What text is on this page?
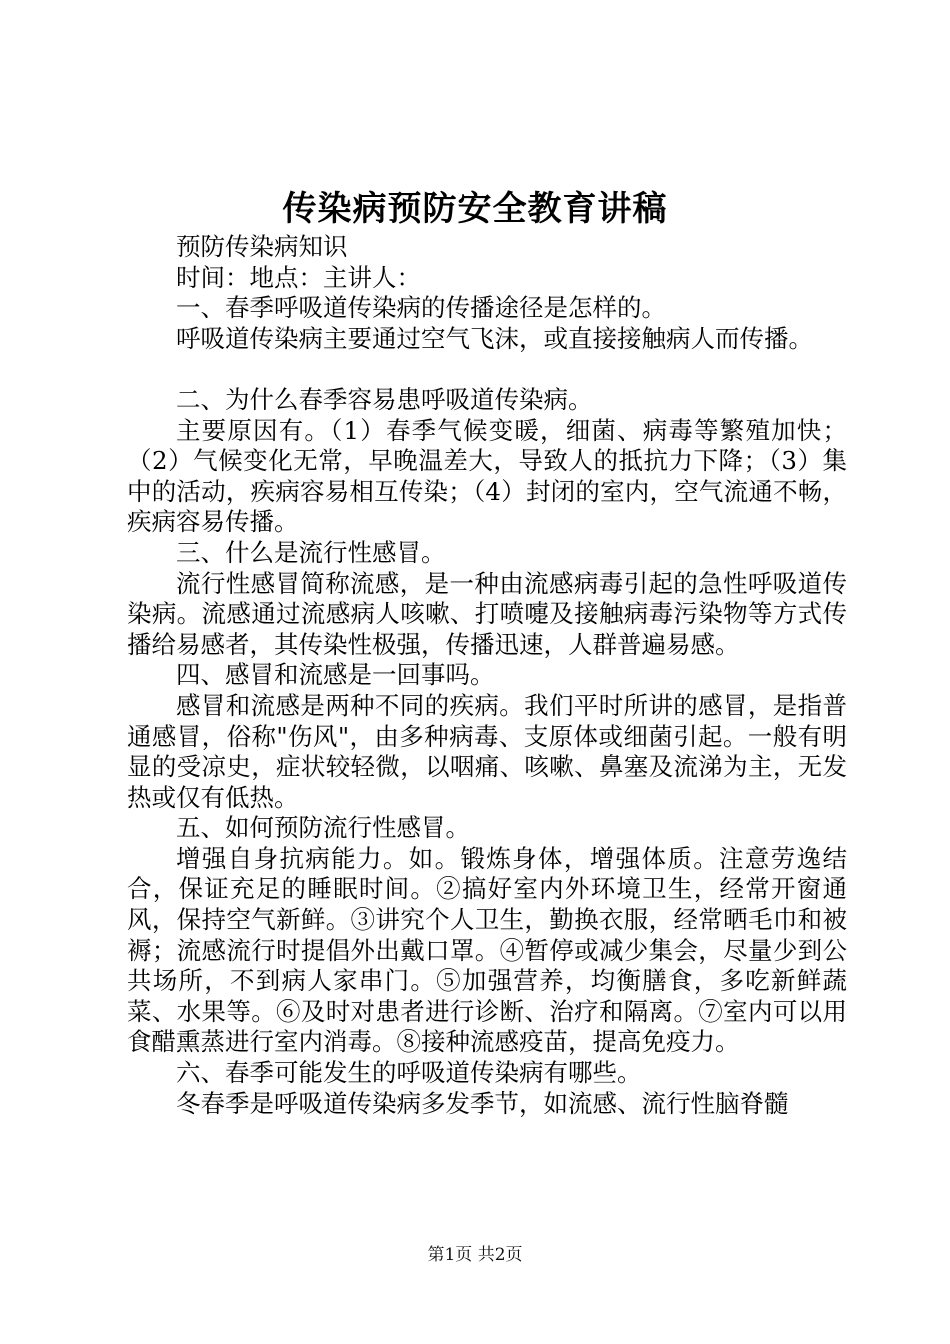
传染病预防安全教育讲稿

预防传染病知识

时间：地点：主讲人：

一、春季呼吸道传染病的传播途径是怎样的。

呼吸道传染病主要通过空气飞沫，或直接接触病人而传播。

二、为什么春季容易患呼吸道传染病。

主要原因有。（1）春季气候变暖，细菌、病毒等繁殖加快；（2）气候变化无常，早晚温差大，导致人的抵抗力下降；（3）集中的活动，疾病容易相互传染；（4）封闭的室内，空气流通不畅，疾病容易传播。

三、什么是流行性感冒。

流行性感冒简称流感，是一种由流感病毒引起的急性呼吸道传染病。流感通过流感病人咳嗽、打喷嚏及接触病毒污染物等方式传播给易感者，其传染性极强，传播迅速，人群普遍易感。

四、感冒和流感是一回事吗。

感冒和流感是两种不同的疾病。我们平时所讲的感冒，是指普通感冒，俗称"伤风"，由多种病毒、支原体或细菌引起。一般有明显的受凉史，症状较轻微，以咽痛、咳嗽、鼻塞及流涕为主，无发热或仅有低热。

五、如何预防流行性感冒。

增强自身抗病能力。如。锻炼身体，增强体质。注意劳逸结合，保证充足的睡眠时间。②搞好室内外环境卫生，经常开窗通风，保持空气新鲜。③讲究个人卫生，勤换衣服，经常晒毛巾和被褥；流感流行时提倡外出戴口罩。④暂停或减少集会，尽量少到公共场所，不到病人家串门。⑤加强营养，均衡膳食，多吃新鲜蔬菜、水果等。⑥及时对患者进行诊断、治疗和隔离。⑦室内可以用食醋熏蒸进行室内消毒。⑧接种流感疫苗，提高免疫力。

六、春季可能发生的呼吸道传染病有哪些。

冬春季是呼吸道传染病多发季节，如流感、流行性脑脊髓

第1页 共2页
